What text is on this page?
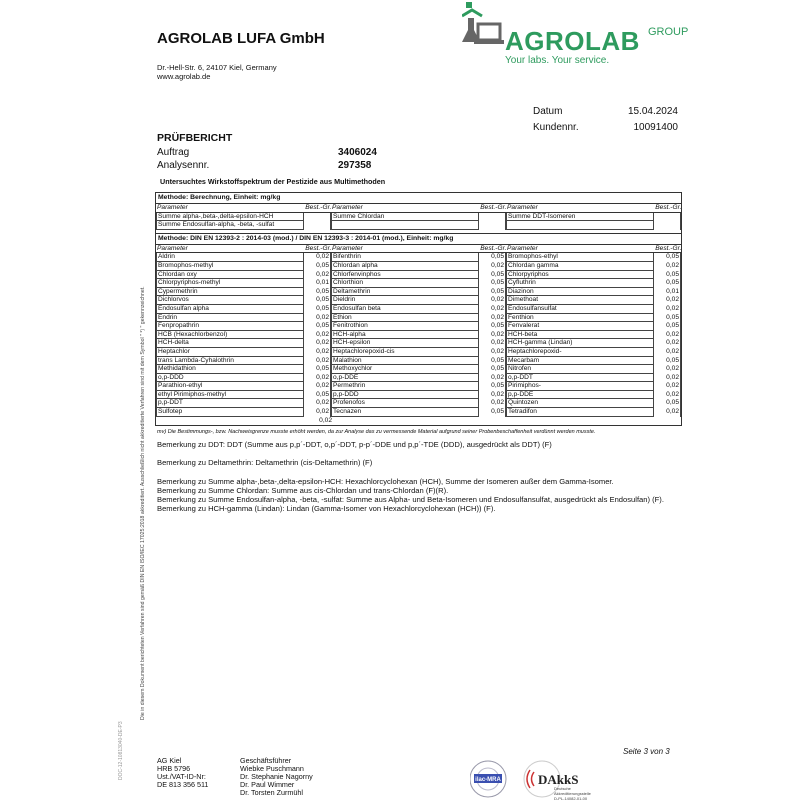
AGROLAB LUFA GmbH
Dr.-Hell-Str. 6, 24107 Kiel, Germany
www.agrolab.de
AGROLAB GROUP
Your labs. Your service.
Datum	15.04.2024
Kundennr.	10091400
PRÜFBERICHT
Auftrag	3406024
Analysennr.	297358
Untersuchtes Wirkstoffspektrum der Pestizide aus Multimethoden
Methode: Berechnung, Einheit: mg/kg
Parameter	Best.-Gr. Parameter	Best.-Gr. Parameter	Best.-Gr.
Summe alpha-,beta-,delta-epsilon-HCH	Summe Chlordan	Summe DDT-Isomeren
Summe Endosulfan-alpha, -beta, -sulfat
Methode: DIN EN 12393-2 : 2014-03 (mod.) / DIN EN 12393-3 : 2014-01 (mod.), Einheit: mg/kg
Parameter	Best.-Gr. Parameter	Best.-Gr. Parameter	Best.-Gr.
Aldrin	0,02 Bifenthrin	0,05 Bromophos-ethyl	0,05
Bromophos-methyl	0,05 Chlordan alpha	0,02 Chlordan gamma	0,02
Chlordan oxy	0,02 Chlorfenvinphos	0,05 Chlorpyriphos	0,05
Chlorpyriphos-methyl	0,01 Chlorthion	0,05 Cyfluthrin	0,05
Cypermethrin	0,05 Deltamethrin	0,05 Diazinon	0,01
Dichlorvos	0,05 Dieldrin	0,02 Dimethoat	0,02
Endosulfan alpha	0,05 Endosulfan beta	0,02 Endosulfansulfat	0,02
Endrin	0,02 Ethion	0,02 Fenthion	0,05
Fenpropathrin	0,05 Fenitrothion	0,05 Fenvalerat	0,05
HCB (Hexachlorbenzol)	0,02 HCH-alpha	0,02 HCH-beta	0,02
HCH-delta	0,02 HCH-epsilon	0,02 HCH-gamma (Lindan)	0,02
Heptachlor	0,02 Heptachlorepoxid-cis	0,02 Heptachlorepoxid-	0,02
trans Lambda-Cyhalothrin	0,02 Malathion	0,05 Mecarbam	0,05
Methidathion	0,05 Methoxychlor	0,05 Nitrofen	0,02
o,p-DDD	0,02 o,p-DDE	0,02 o,p-DDT	0,02
Parathion-ethyl	0,02 Permethrin	0,05 Pirimiphos-	0,02
ethyl Pirimiphos-methyl	0,05 p,p-DDD	0,02 p,p-DDE	0,02
p,p-DDT	0,02 Profenofos	0,02 Quintozen	0,05
Sulfotep	0,02 Tecnazen	0,05 Tetradifon	0,02
0,02
mv) Die Bestimmungs-, bzw. Nachweisgrenze musste erhöht werden, da zur Analyse das zu vermessende Material aufgrund seiner Probenbeschaffenheit verdünnt werden musste.
Bemerkung zu DDT: DDT (Summe aus p,p´-DDT, o,p´-DDT, p-p´-DDE und p,p´-TDE (DDD), ausgedrückt als DDT) (F)
Bemerkung zu Deltamethrin: Deltamethrin (cis-Deltamethrin) (F)
Bemerkung zu Summe alpha-,beta-,delta-epsilon-HCH: Hexachlorcyclohexan (HCH), Summe der Isomeren außer dem Gamma-Isomer.
Bemerkung zu Summe Chlordan: Summe aus cis-Chlordan und trans-Chlordan (F)(R).
Bemerkung zu Summe Endosulfan-alpha, -beta, -sulfat: Summe aus Alpha- und Beta-Isomeren und Endosulfansulfat, ausgedrückt als Endosulfan) (F).
Bemerkung zu HCH-gamma (Lindan): Lindan (Gamma-Isomer von Hexachlorcyclohexan (HCH)) (F).
Die in diesem Dokument berichteten Verfahren sind gemäß DIN EN ISO/IEC 17025:2018 akkreditiert. Ausschließlich nicht akkreditierte Verfahren sind mit dem Symbol " *) " gekennzeichnet.
DOC-12-10813040-DE-P3	Seite 3 von 3
AG Kiel
HRB 5796
Ust./VAT-ID-Nr:
DE 813 356 511
Geschäftsführer
Wiebke Puschmann
Dr. Stephanie Nagorny
Dr. Paul Wimmer
Dr. Torsten Zurmühl
ilac-MRA	DAkkS
Deutsche
Akkreditierungsstelle
D-PL-14082-01-00
